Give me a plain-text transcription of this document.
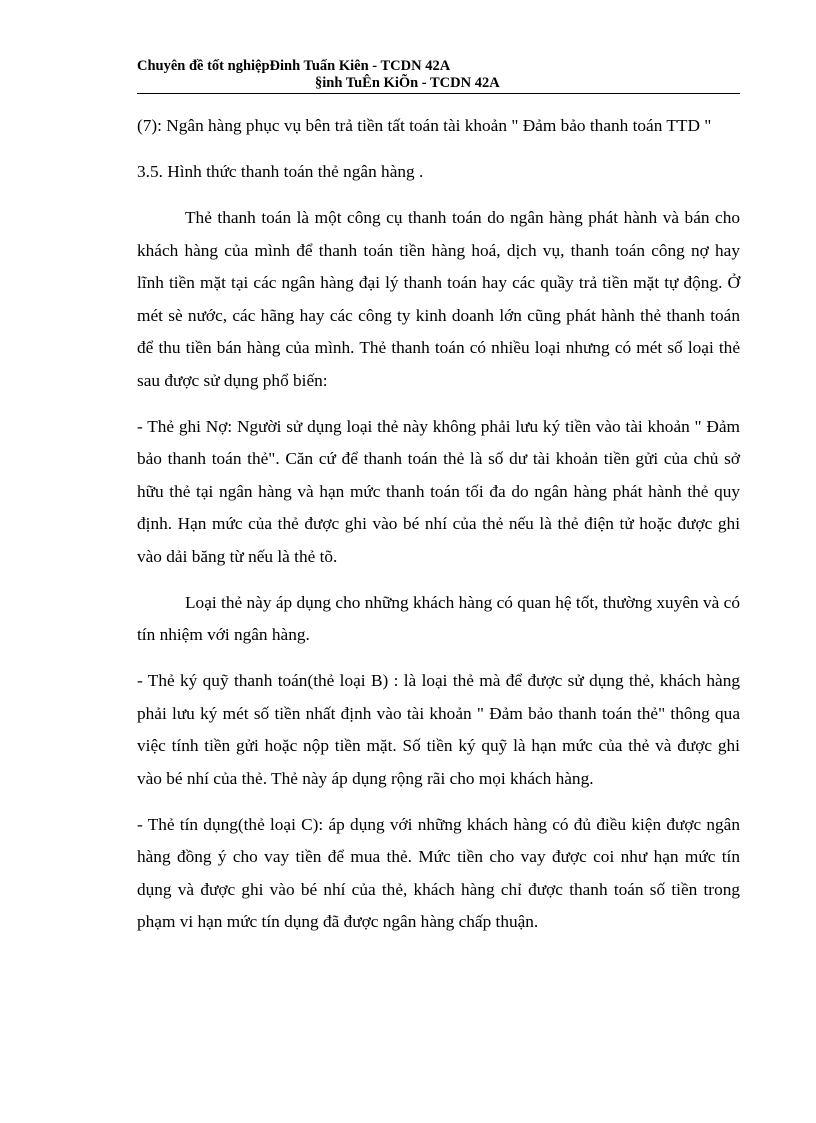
Chuyên đề tốt nghiệpĐinh Tuấn Kiên - TCDN 42A
§inh TuÊn KiÕn - TCDN 42A

(7): Ngân hàng phục vụ bên trả tiền tất toán tài khoản " Đảm bảo thanh toán TTD "

3.5. Hình thức thanh toán thẻ ngân hàng .

Thẻ thanh toán là một công cụ thanh toán do ngân hàng phát hành và bán cho khách hàng của mình để thanh toán tiền hàng hoá, dịch vụ, thanh toán công nợ hay lĩnh tiền mặt tại các ngân hàng đại lý thanh toán hay các quầy trả tiền mặt tự động. Ở mét sè nước, các hãng hay các công ty kinh doanh lớn cũng phát hành thẻ thanh toán để thu tiền bán hàng của mình. Thẻ thanh toán có nhiều loại nhưng có mét số loại thẻ sau được sử dụng phổ biến:

- Thẻ ghi Nợ: Người sử dụng loại thẻ này không phải lưu ký tiền vào tài khoản " Đảm bảo thanh toán thẻ". Căn cứ để thanh toán thẻ là số dư tài khoản tiền gửi của chủ sở hữu thẻ tại ngân hàng và hạn mức thanh toán tối đa do ngân hàng phát hành thẻ quy định. Hạn mức của thẻ được ghi vào bé nhí của thẻ nếu là thẻ điện tử hoặc được ghi vào dải băng từ nếu là thẻ tõ.

Loại thẻ này áp dụng cho những khách hàng có quan hệ tốt, thường xuyên và có tín nhiệm với ngân hàng.

- Thẻ ký quỹ thanh toán(thẻ loại B) : là loại thẻ mà để được sử dụng thẻ, khách hàng phải lưu ký mét số tiền nhất định vào tài khoản " Đảm bảo thanh toán thẻ" thông qua việc tính tiền gửi hoặc nộp tiền mặt. Số tiền ký quỹ là hạn mức của thẻ và được ghi vào bé nhí của thẻ. Thẻ này áp dụng rộng rãi cho mọi khách hàng.

- Thẻ tín dụng(thẻ loại C): áp dụng với những khách hàng có đủ điều kiện được ngân hàng đồng ý cho vay tiền để mua thẻ. Mức tiền cho vay được coi như hạn mức tín dụng và được ghi vào bé nhí của thẻ, khách hàng chỉ được thanh toán số tiền trong phạm vi hạn mức tín dụng đã được ngân hàng chấp thuận.
